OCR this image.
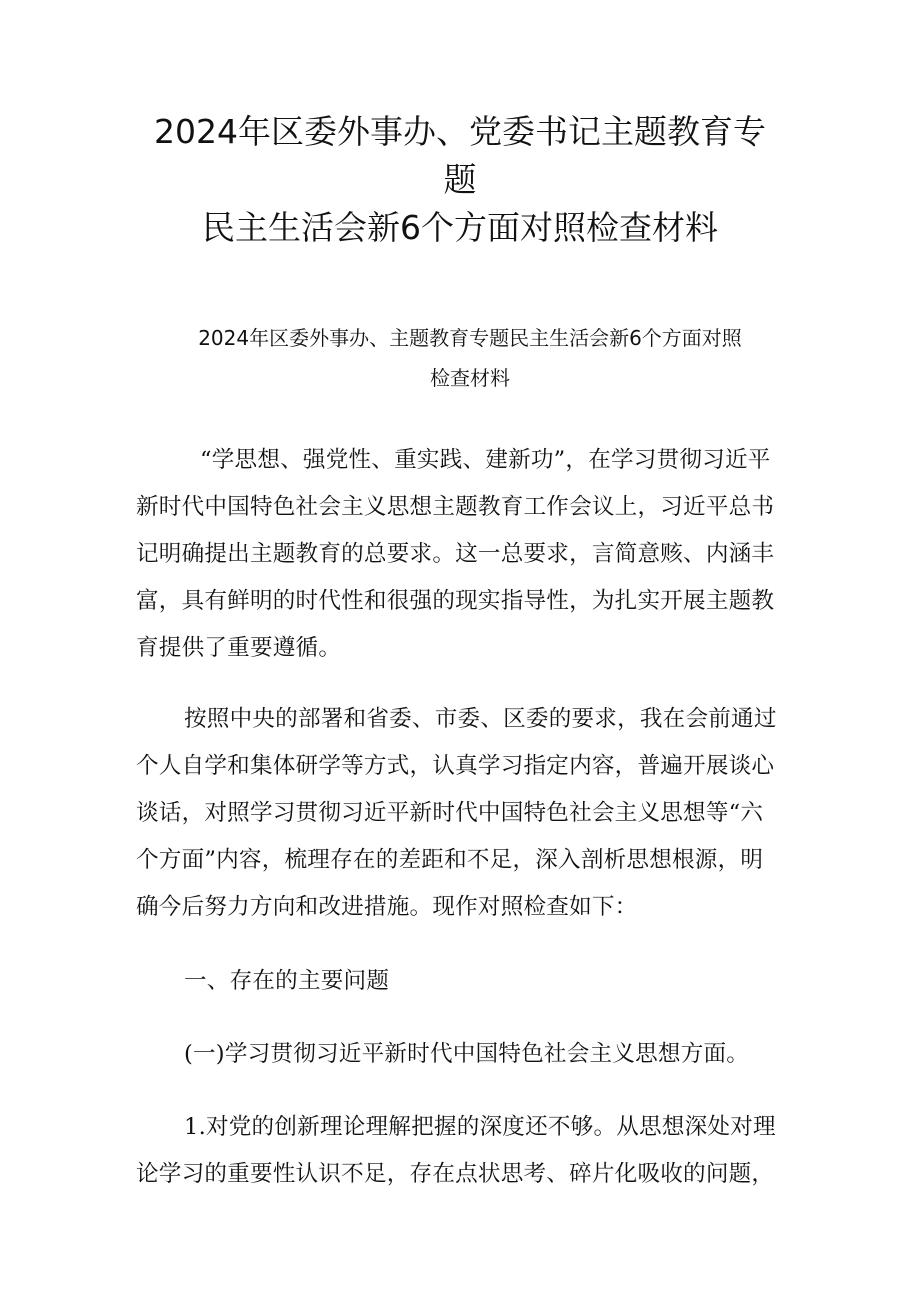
2024年区委外事办、党委书记主题教育专
题
民主生活会新6个方面对照检查材料
2024年区委外事办、主题教育专题民主生活会新6个方面对照
检查材料
“学思想、强党性、重实践、建新功”，在学习贯彻习近平
新时代中国特色社会主义思想主题教育工作会议上，习近平总书
记明确提出主题教育的总要求。这一总要求，言简意赅、内涵丰
富，具有鲜明的时代性和很强的现实指导性，为扎实开展主题教
育提供了重要遵循。
按照中央的部署和省委、市委、区委的要求，我在会前通过
个人自学和集体研学等方式，认真学习指定内容，普遍开展谈心
谈话，对照学习贯彻习近平新时代中国特色社会主义思想等“六
个方面”内容，梳理存在的差距和不足，深入剖析思想根源，明
确今后努力方向和改进措施。现作对照检查如下：
一、存在的主要问题
(一)学习贯彻习近平新时代中国特色社会主义思想方面。
1.对党的创新理论理解把握的深度还不够。从思想深处对理
论学习的重要性认识不足，存在点状思考、碎片化吸收的问题，
